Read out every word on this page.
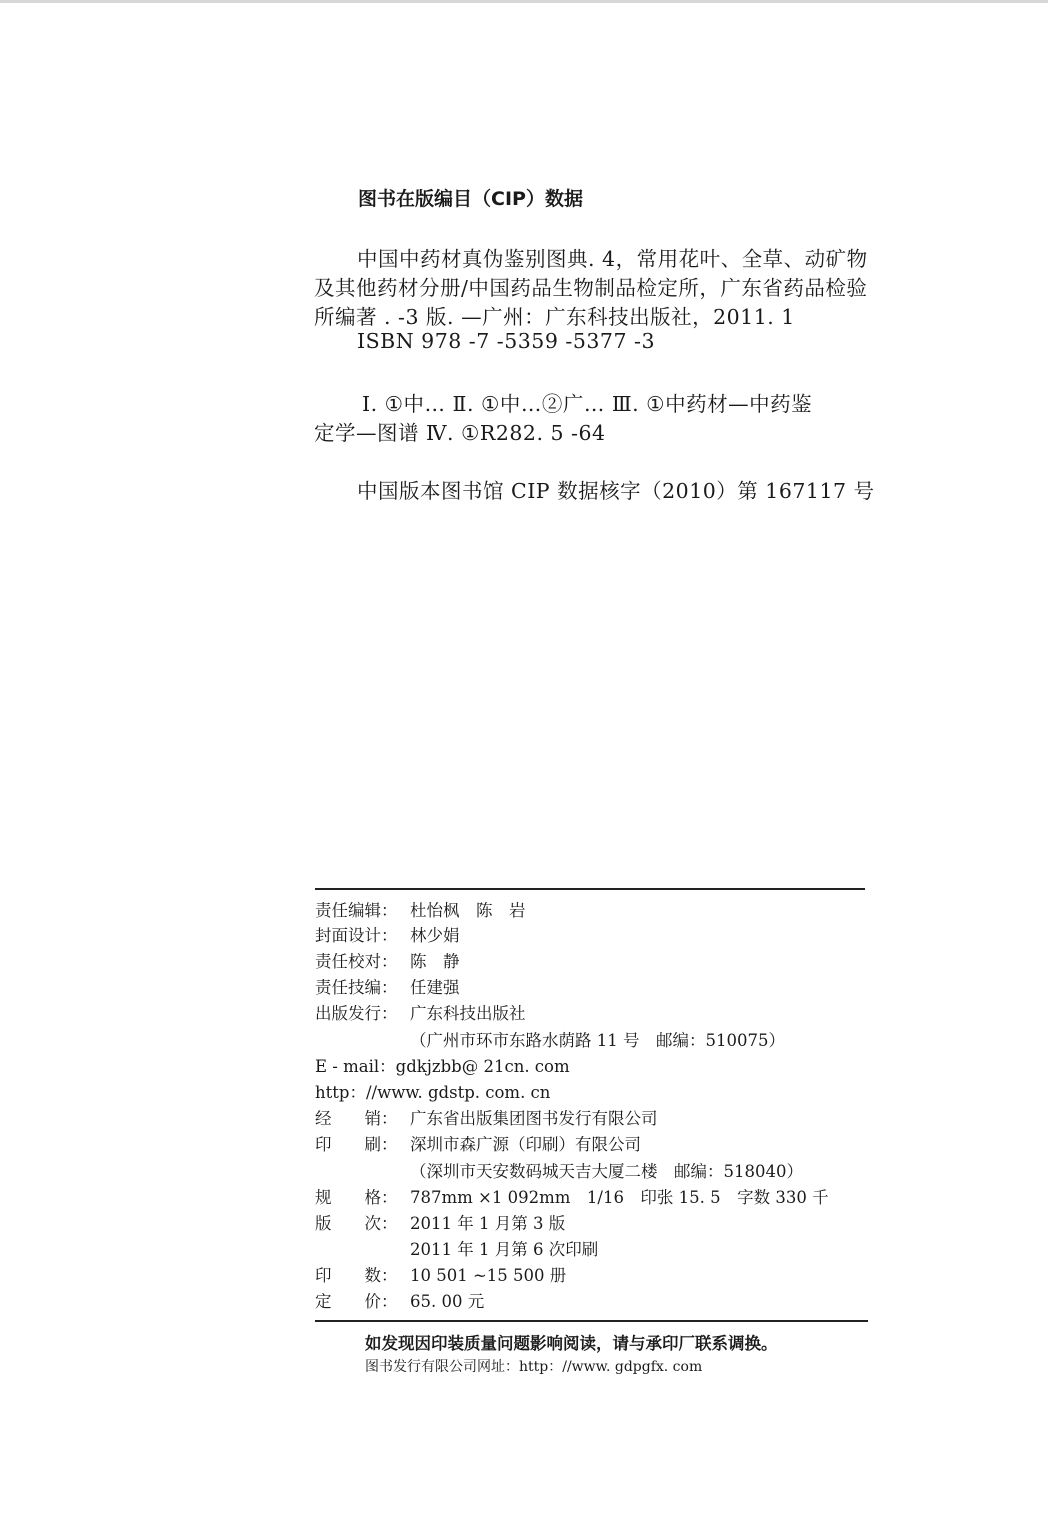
图书在版编目（CIP）数据
中国中药材真伪鉴别图典. 4，常用花叶、全草、动矿物
及其他药材分册/中国药品生物制品检定所，广东省药品检验
所编著 . -3 版. —广州：广东科技出版社，2011. 1
ISBN 978 -7 -5359 -5377 -3
Ⅰ. ①中… Ⅱ. ①中…②广… Ⅲ. ①中药材—中药鉴
定学—图谱 Ⅳ. ①R282. 5 -64
中国版本图书馆 CIP 数据核字（2010）第 167117 号
责任编辑： 杜怡枫　陈　岩
封面设计： 林少娟
责任校对： 陈　静
责任技编： 任建强
出版发行： 广东科技出版社
（广州市环市东路水荫路 11 号　邮编：510075）
E - mail：gdkjzbb@ 21cn. com
http：//www. gdstp. com. cn
经　　销： 广东省出版集团图书发行有限公司
印　　刷： 深圳市森广源（印刷）有限公司
（深圳市天安数码城天吉大厦二楼　邮编：518040）
规　　格： 787mm ×1 092mm　1/16　印张 15. 5　字数 330 千
版　　次： 2011 年 1 月第 3 版
2011 年 1 月第 6 次印刷
印　　数： 10 501 ~15 500 册
定　　价： 65. 00 元
如发现因印装质量问题影响阅读，请与承印厂联系调换。
图书发行有限公司网址：http：//www. gdpgfx. com
